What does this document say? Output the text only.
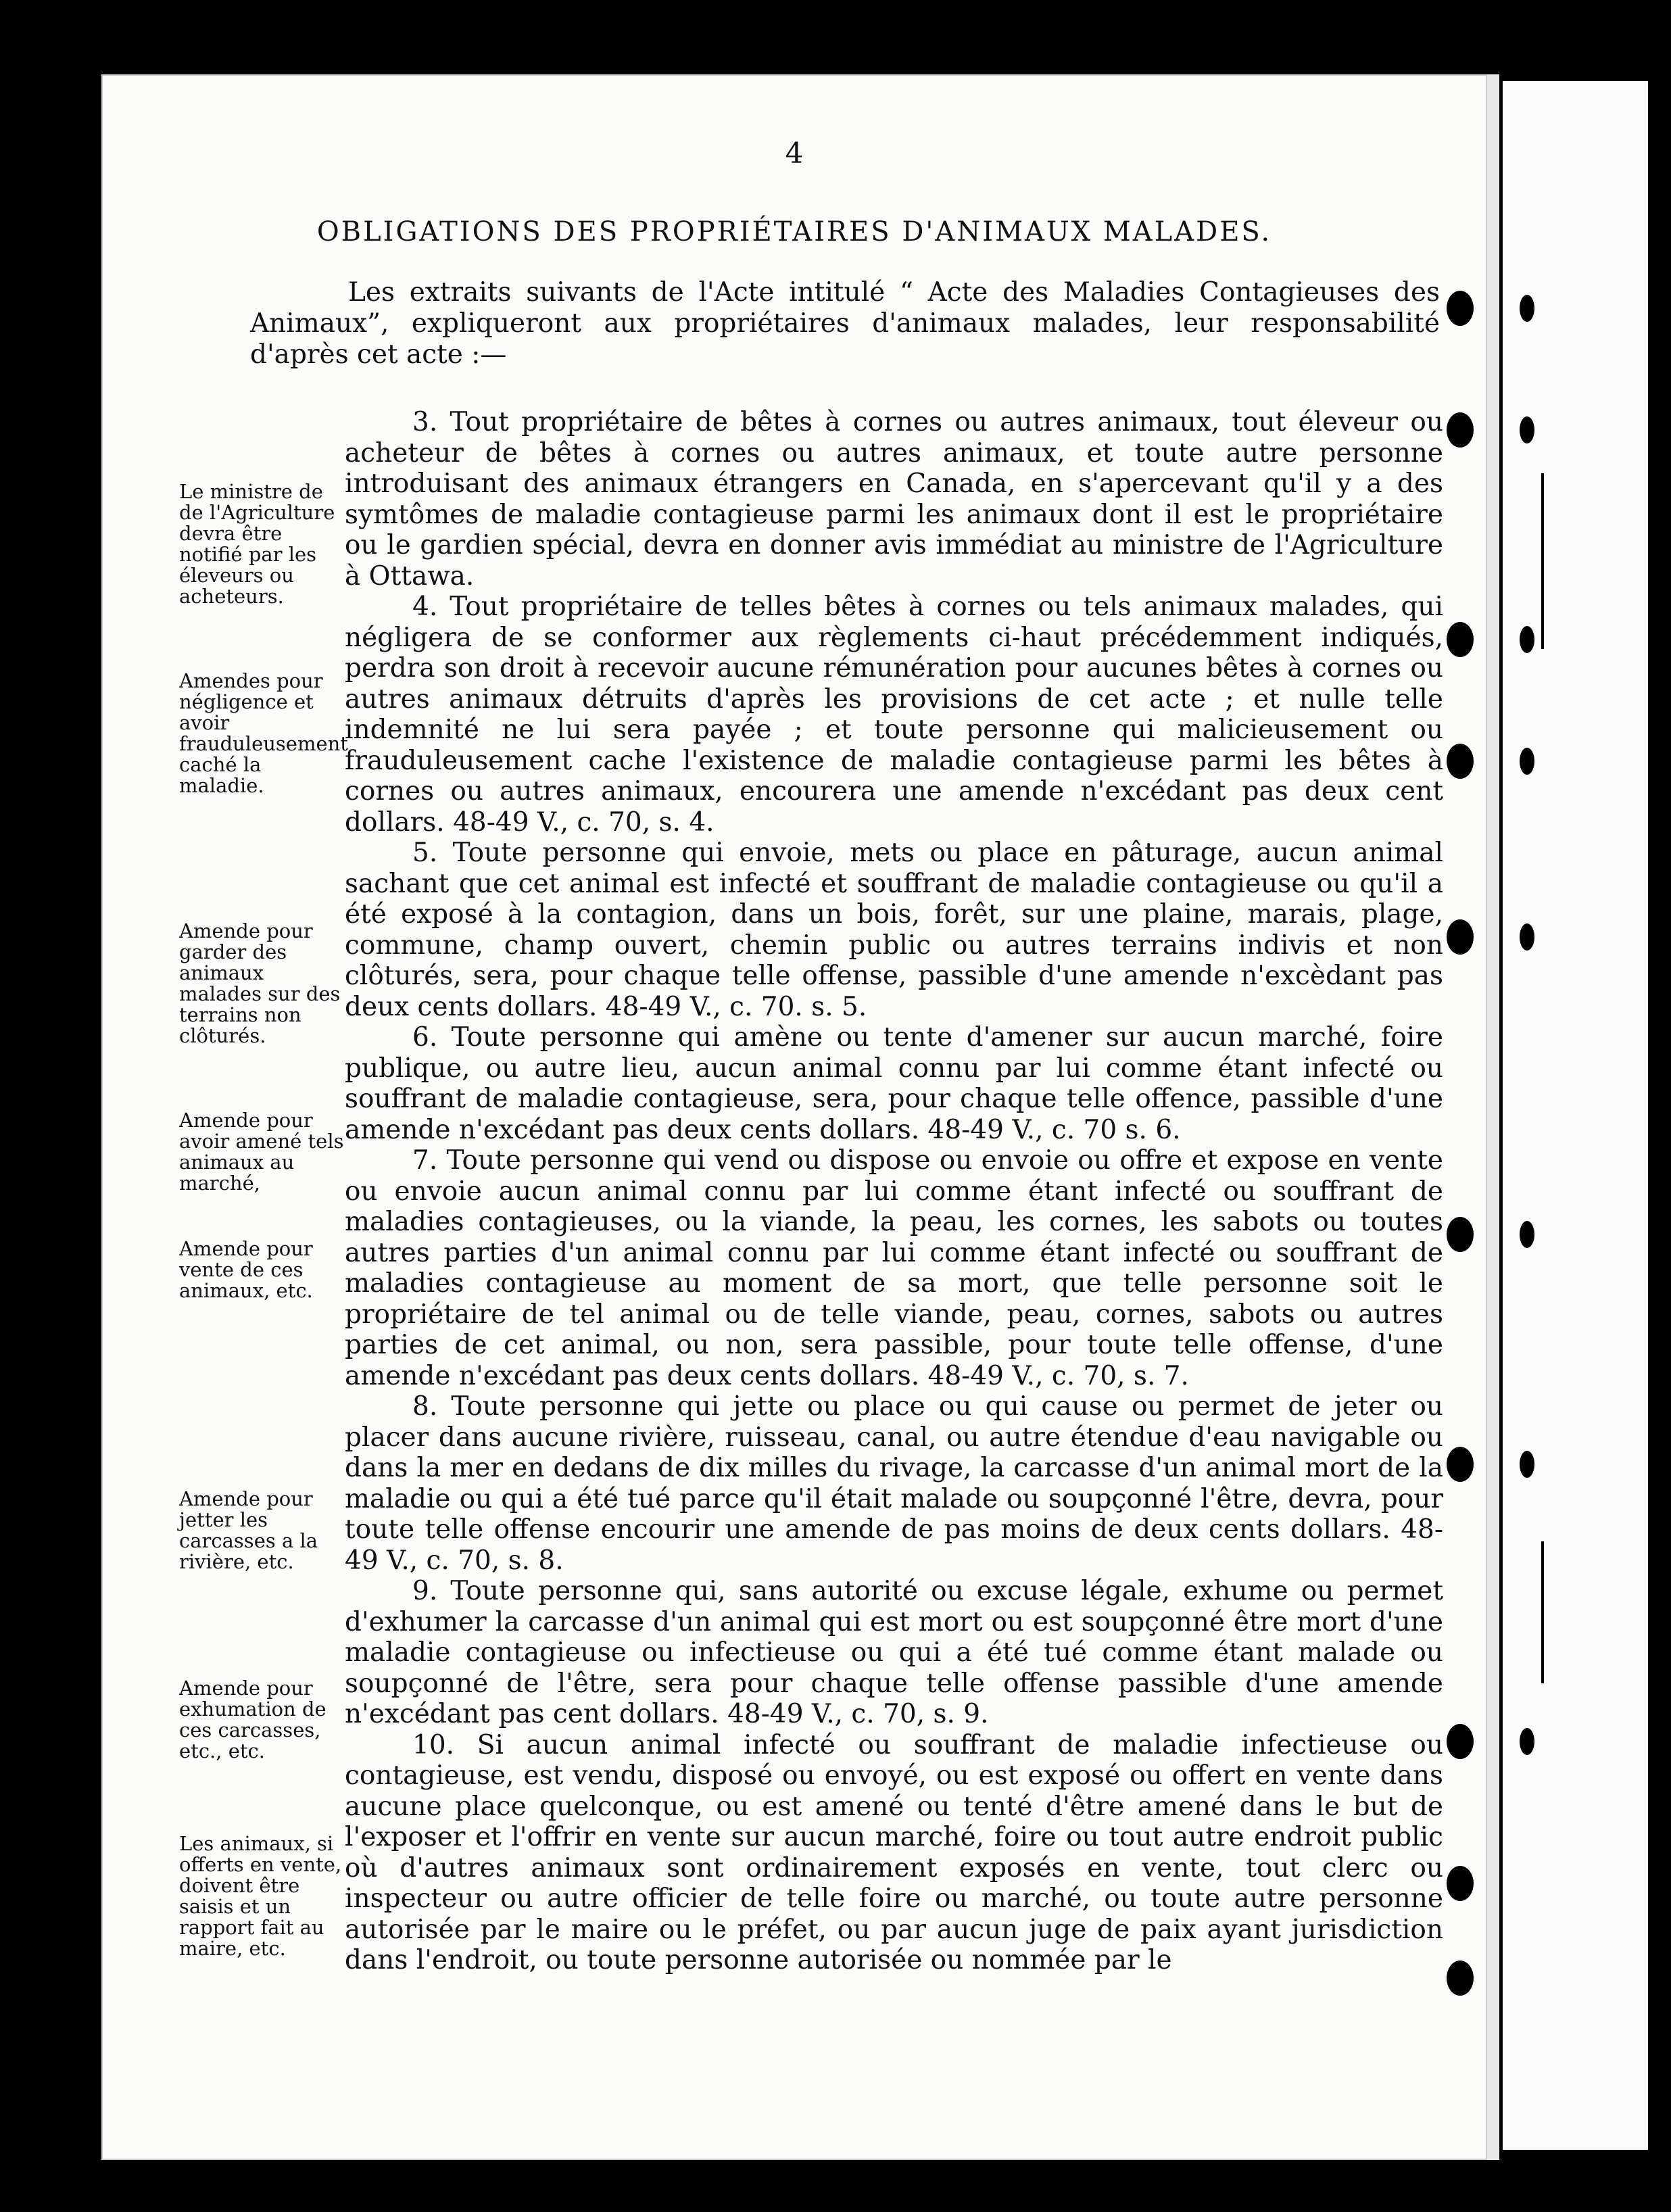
4
OBLIGATIONS DES PROPRIÉTAIRES D'ANIMAUX MALADES.
Les extraits suivants de l'Acte intitulé “ Acte des Maladies Contagieuses des Animaux”, expliqueront aux propriétaires d'animaux malades, leur responsabilité d'après cet acte :—
Le ministre de de l'Agriculture devra être notifié par les éleveurs ou acheteurs.
Amendes pour négligence et avoir frauduleusement caché la maladie.
Amende pour garder des animaux malades sur des terrains non clôturés.
Amende pour avoir amené tels animaux au marché,
Amende pour vente de ces animaux, etc.
Amende pour jetter les carcasses a la rivière, etc.
Amende pour exhumation de ces carcasses, etc., etc.
Les animaux, si offerts en vente, doivent être saisis et un rapport fait au maire, etc.

3. Tout propriétaire de bêtes à cornes ou autres animaux, tout éleveur ou acheteur de bêtes à cornes ou autres animaux, et toute autre personne introduisant des animaux étrangers en Canada, en s'apercevant qu'il y a des symtômes de maladie contagieuse parmi les animaux dont il est le propriétaire ou le gardien spécial, devra en donner avis immédiat au ministre de l'Agriculture à Ottawa.

4. Tout propriétaire de telles bêtes à cornes ou tels animaux malades, qui négligera de se conformer aux règlements ci-haut précédemment indiqués, perdra son droit à recevoir aucune rémunération pour aucunes bêtes à cornes ou autres animaux détruits d'après les provisions de cet acte ; et nulle telle indemnité ne lui sera payée ; et toute personne qui malicieusement ou frauduleusement cache l'existence de maladie contagieuse parmi les bêtes à cornes ou autres animaux, encourera une amende n'excédant pas deux cent dollars. 48-49 V., c. 70, s. 4.

5. Toute personne qui envoie, mets ou place en pâturage, aucun animal sachant que cet animal est infecté et souffrant de maladie contagieuse ou qu'il a été exposé à la contagion, dans un bois, forêt, sur une plaine, marais, plage, commune, champ ouvert, chemin public ou autres terrains indivis et non clôturés, sera, pour chaque telle offense, passible d'une amende n'excèdant pas deux cents dollars. 48-49 V., c. 70. s. 5.

6. Toute personne qui amène ou tente d'amener sur aucun marché, foire publique, ou autre lieu, aucun animal connu par lui comme étant infecté ou souffrant de maladie contagieuse, sera, pour chaque telle offence, passible d'une amende n'excédant pas deux cents dollars. 48-49 V., c. 70 s. 6.

7. Toute personne qui vend ou dispose ou envoie ou offre et expose en vente ou envoie aucun animal connu par lui comme étant infecté ou souffrant de maladies contagieuses, ou la viande, la peau, les cornes, les sabots ou toutes autres parties d'un animal connu par lui comme étant infecté ou souffrant de maladies contagieuse au moment de sa mort, que telle personne soit le propriétaire de tel animal ou de telle viande, peau, cornes, sabots ou autres parties de cet animal, ou non, sera passible, pour toute telle offense, d'une amende n'excédant pas deux cents dollars. 48-49 V., c. 70, s. 7.

8. Toute personne qui jette ou place ou qui cause ou permet de jeter ou placer dans aucune rivière, ruisseau, canal, ou autre étendue d'eau navigable ou dans la mer en dedans de dix milles du rivage, la carcasse d'un animal mort de la maladie ou qui a été tué parce qu'il était malade ou soupçonné l'être, devra, pour toute telle offense encourir une amende de pas moins de deux cents dollars. 48-49 V., c. 70, s. 8.

9. Toute personne qui, sans autorité ou excuse légale, exhume ou permet d'exhumer la carcasse d'un animal qui est mort ou est soupçonné être mort d'une maladie contagieuse ou infectieuse ou qui a été tué comme étant malade ou soupçonné de l'être, sera pour chaque telle offense passible d'une amende n'excédant pas cent dollars. 48-49 V., c. 70, s. 9.

10. Si aucun animal infecté ou souffrant de maladie infectieuse ou contagieuse, est vendu, disposé ou envoyé, ou est exposé ou offert en vente dans aucune place quelconque, ou est amené ou tenté d'être amené dans le but de l'exposer et l'offrir en vente sur aucun marché, foire ou tout autre endroit public où d'autres animaux sont ordinairement exposés en vente, tout clerc ou inspecteur ou autre officier de telle foire ou marché, ou toute autre personne autorisée par le maire ou le préfet, ou par aucun juge de paix ayant jurisdiction dans l'endroit, ou toute personne autorisée ou nommée par le
